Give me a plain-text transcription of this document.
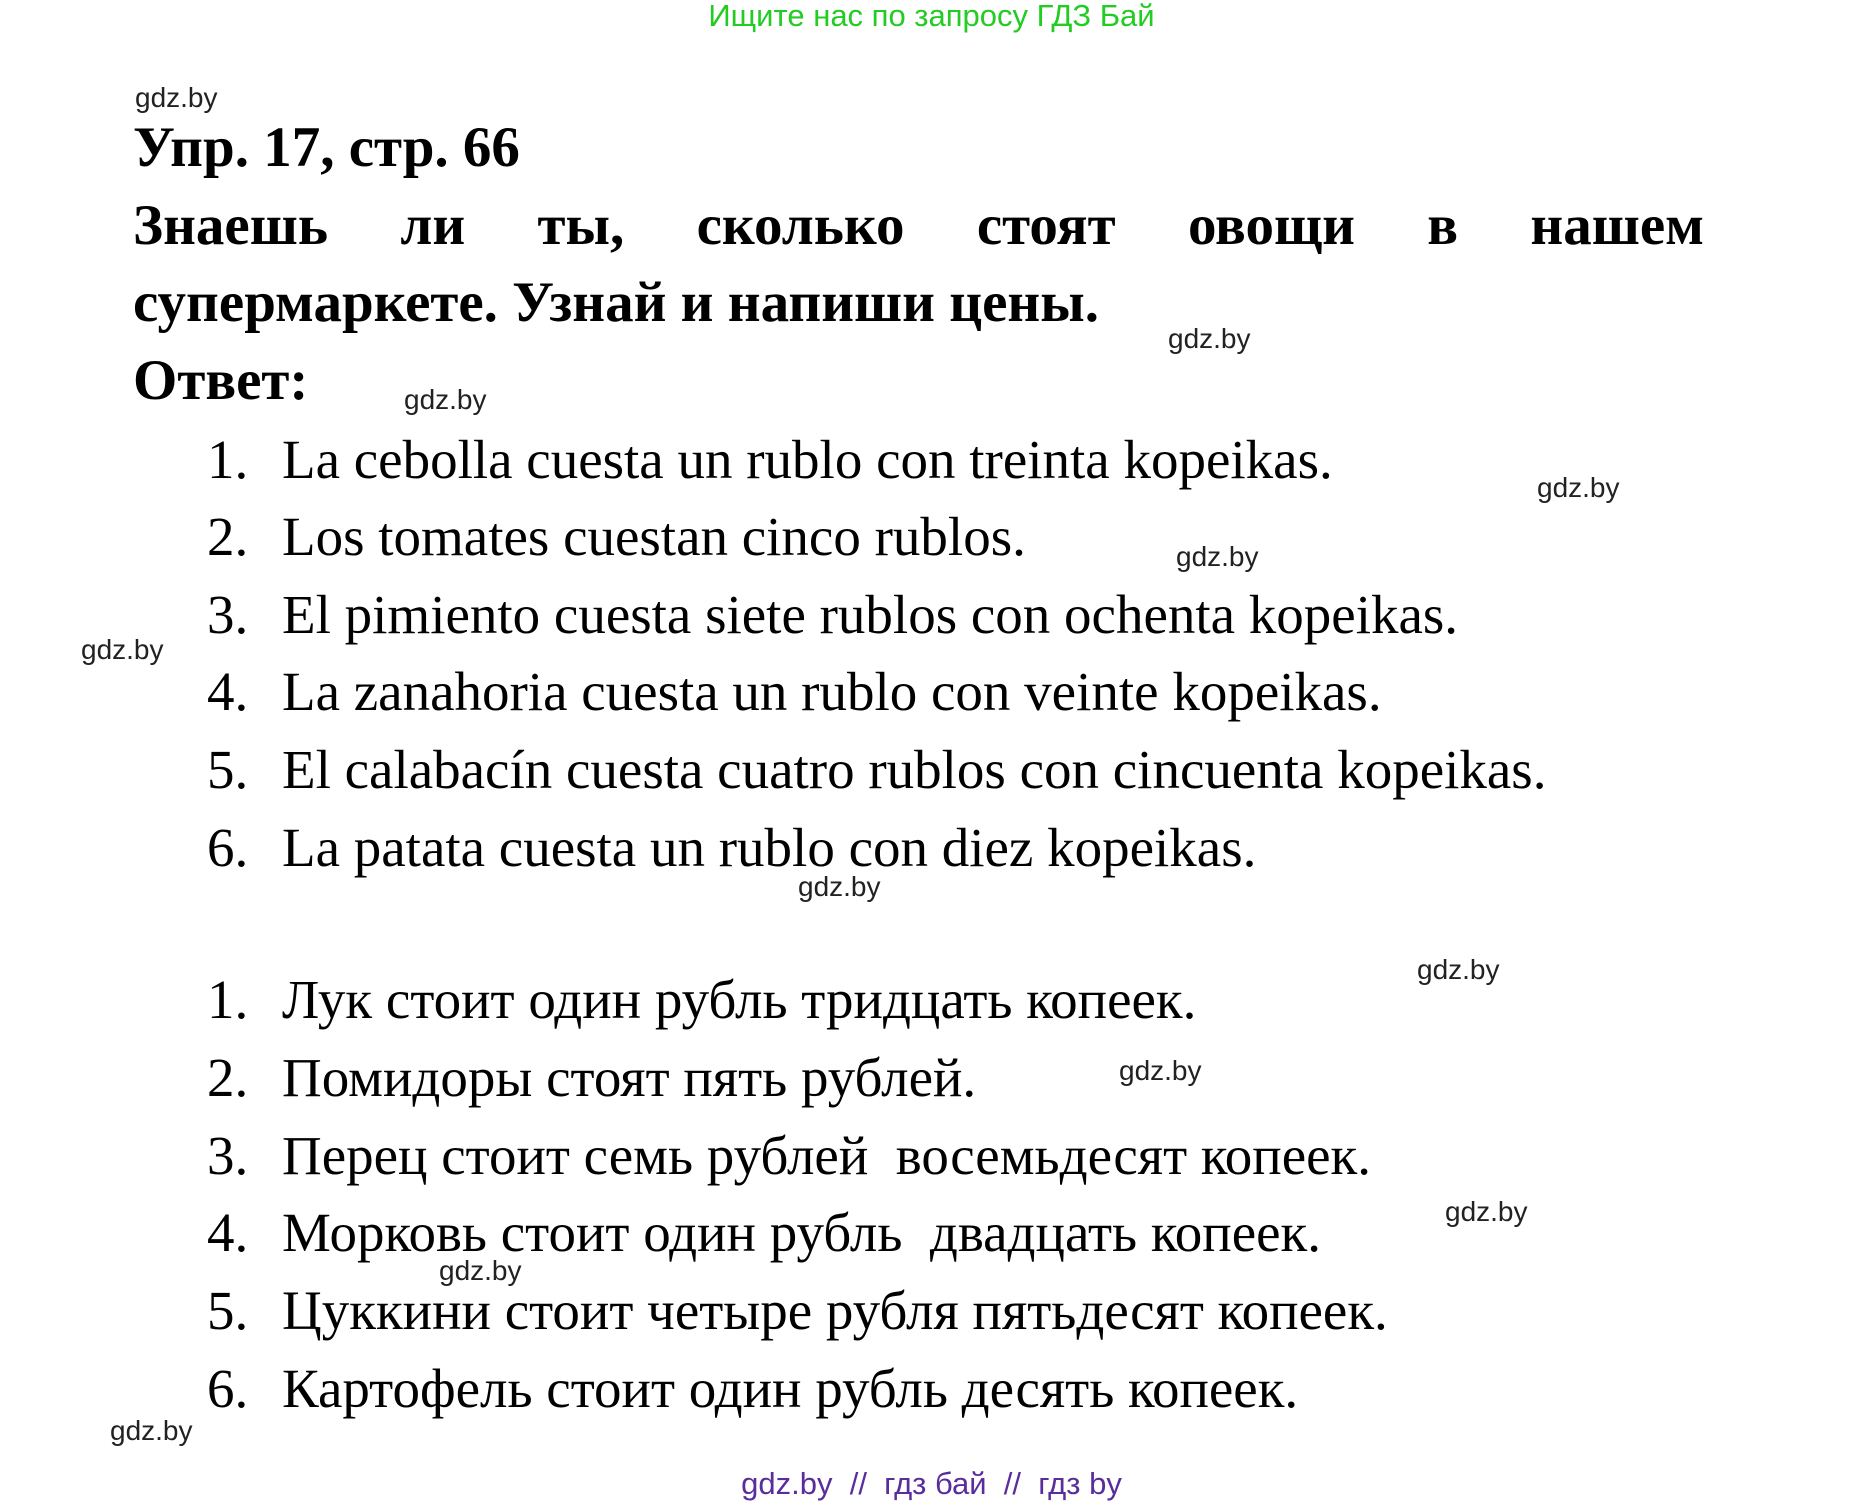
Ищите нас по запросу ГДЗ Бай
Упр. 17, стр. 66
Знаешь ли ты, сколько стоят овощи в нашем
супермаркете. Узнай и напиши цены.
Ответ:
1. La cebolla cuesta un rublo con treinta kopeikas.
2. Los tomates cuestan cinco rublos.
3. El pimiento cuesta siete rublos con ochenta kopeikas.
4. La zanahoria cuesta un rublo con veinte kopeikas.
5. El calabacín cuesta cuatro rublos con cincuenta kopeikas.
6. La patata cuesta un rublo con diez kopeikas.
1. Лук стоит один рубль тридцать копеек.
2. Помидоры стоят пять рублей.
3. Перец стоит семь рублей  восемьдесят копеек.
4. Морковь стоит один рубль  двадцать копеек.
5. Цуккини стоит четыре рубля пятьдесят копеек.
6. Картофель стоит один рубль десять копеек.
gdz.by
gdz.by
gdz.by
gdz.by
gdz.by
gdz.by
gdz.by
gdz.by
gdz.by
gdz.by
gdz.by
gdz.by
gdz.by  //  гдз бай  //  гдз by
